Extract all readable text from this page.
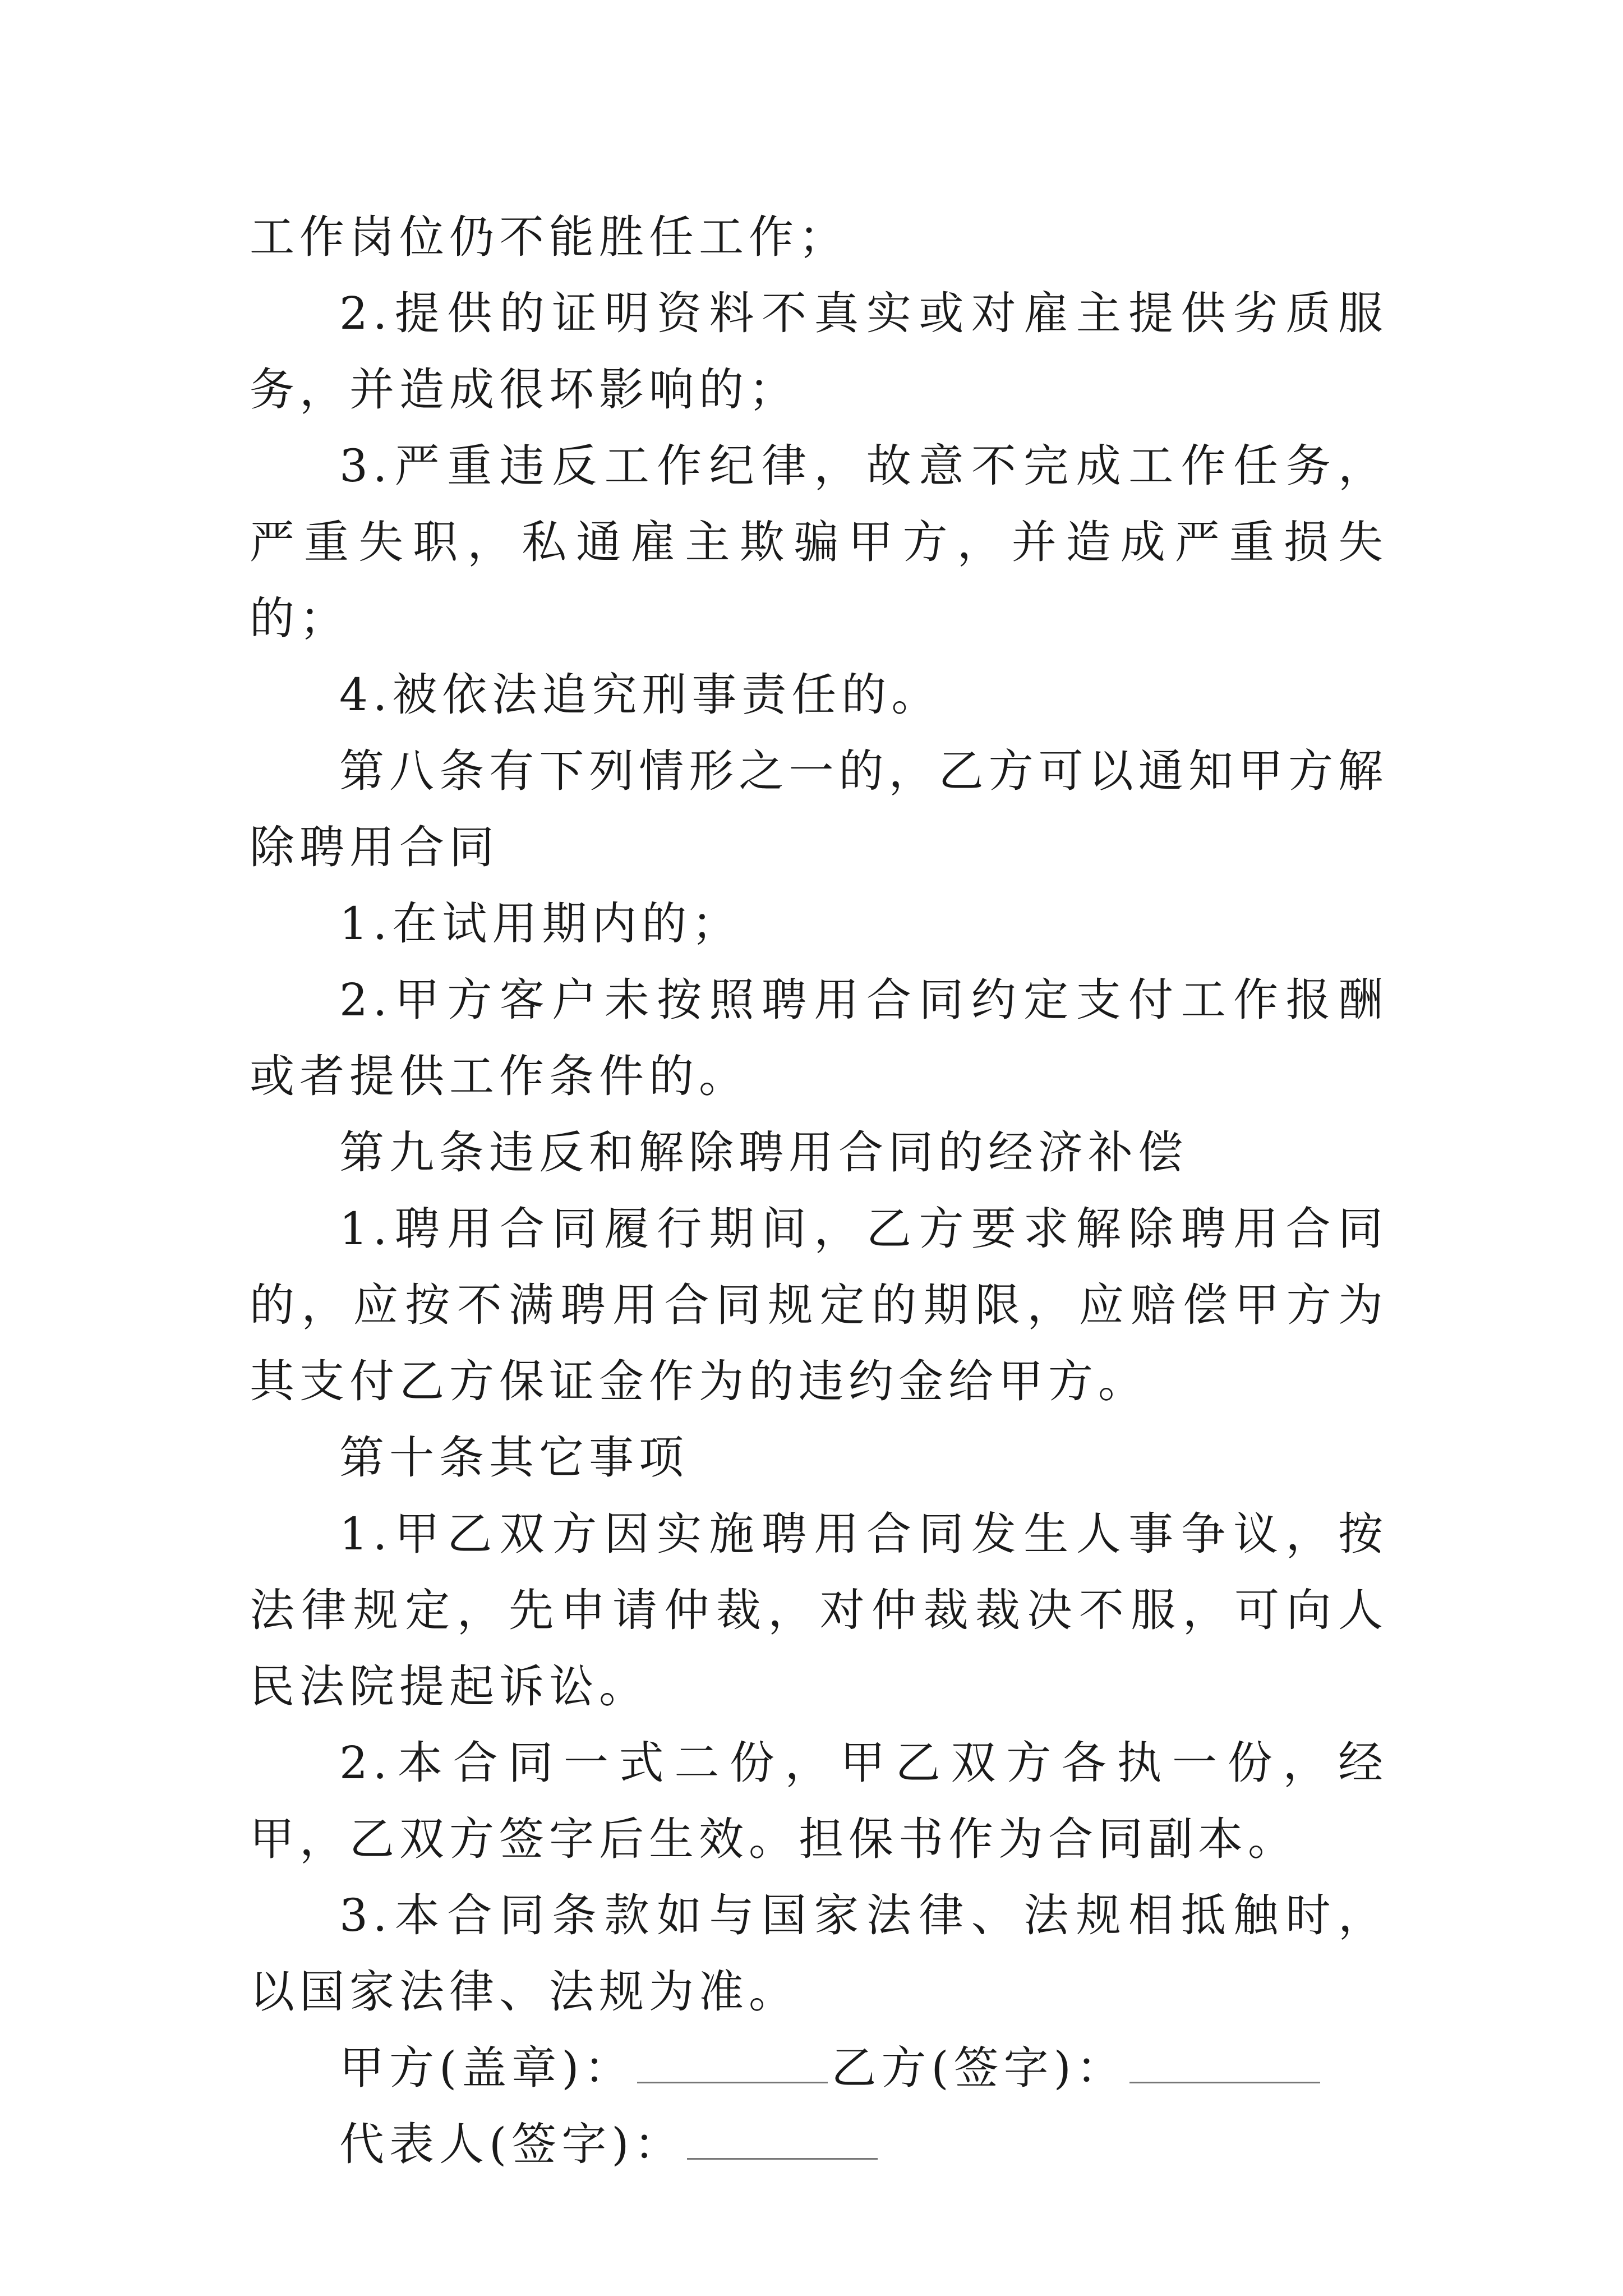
工作岗位仍不能胜任工作；

2.提供的证明资料不真实或对雇主提供劣质服务，并造成很坏影响的；

3.严重违反工作纪律，故意不完成工作任务，严重失职，私通雇主欺骗甲方，并造成严重损失的；

4.被依法追究刑事责任的。

第八条有下列情形之一的，乙方可以通知甲方解除聘用合同

1.在试用期内的；

2.甲方客户未按照聘用合同约定支付工作报酬或者提供工作条件的。

第九条违反和解除聘用合同的经济补偿

1.聘用合同履行期间，乙方要求解除聘用合同的，应按不满聘用合同规定的期限，应赔偿甲方为其支付乙方保证金作为的违约金给甲方。

第十条其它事项

1.甲乙双方因实施聘用合同发生人事争议，按法律规定，先申请仲裁，对仲裁裁决不服，可向人民法院提起诉讼。

2.本合同一式二份，甲乙双方各执一份，经甲，乙双方签字后生效。担保书作为合同副本。

3.本合同条款如与国家法律、法规相抵触时，以国家法律、法规为准。

甲方(盖章)：	乙方(签字)：

代表人(签字)：
